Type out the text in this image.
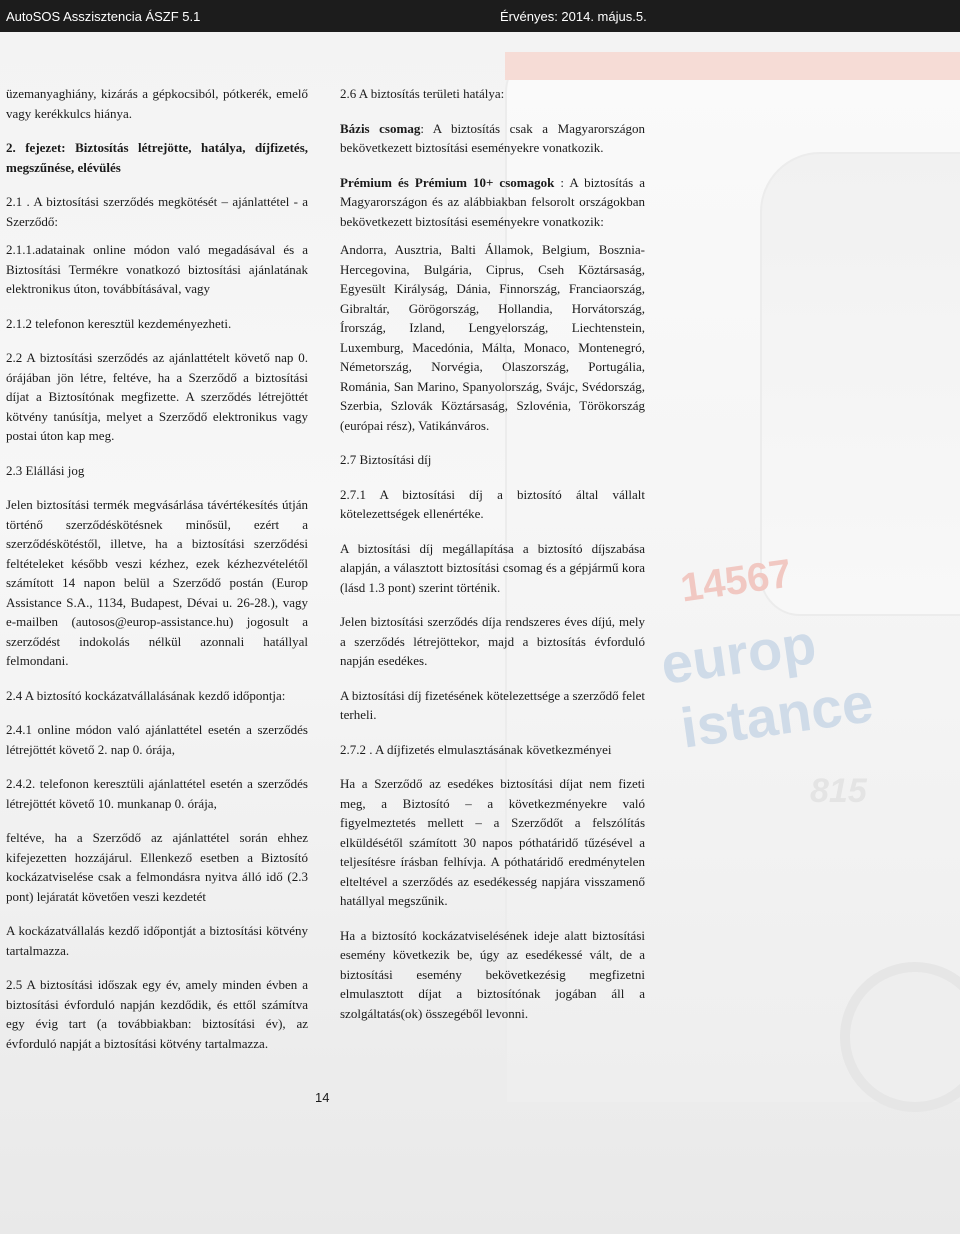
AutoSOS Asszisztencia ÁSZF 5.1	Érvényes: 2014. május.5.
14567
europ
istance
815

üzemanyaghiány, kizárás a gépkocsiból, pótkerék, emelő vagy kerékkulcs hiánya.

2. fejezet: Biztosítás létrejötte, hatálya, díjfizetés, megszűnése, elévülés

2.1 . A biztosítási szerződés megkötését – ajánlattétel - a Szerződő:

2.1.1.adatainak online módon való megadásával és a Biztosítási Termékre vonatkozó biztosítási ajánlatának elektronikus úton, továbbításával, vagy

2.1.2 telefonon keresztül kezdeményezheti.

2.2 A biztosítási szerződés az ajánlattételt követő nap 0. órájában jön létre, feltéve, ha a Szerződő a biztosítási díjat a Biztosítónak megfizette. A szerződés létrejöttét kötvény tanúsítja, melyet a Szerződő elektronikus vagy postai úton kap meg.

2.3 Elállási jog

Jelen biztosítási termék megvásárlása távértékesítés útján történő szerződéskötésnek minősül, ezért a szerződéskötéstől, illetve, ha a biztosítási szerződési feltételeket később veszi kézhez, ezek kézhezvételétől számított 14 napon belül a Szerződő postán (Europ Assistance S.A., 1134, Budapest, Dévai u. 26-28.), vagy e-mailben (autosos@europ-assistance.hu) jogosult a szerződést indokolás nélkül azonnali hatállyal felmondani.

2.4 A biztosító kockázatvállalásának kezdő időpontja:

2.4.1 online módon való ajánlattétel esetén a szerződés létrejöttét követő 2. nap 0. órája,

2.4.2. telefonon keresztüli ajánlattétel esetén a szerződés létrejöttét követő 10. munkanap 0. órája,

feltéve, ha a Szerződő az ajánlattétel során ehhez kifejezetten hozzájárul. Ellenkező esetben a Biztosító kockázatviselése csak a felmondásra nyitva álló idő (2.3 pont) lejáratát követően veszi kezdetét

A kockázatvállalás kezdő időpontját a biztosítási kötvény tartalmazza.

2.5 A biztosítási időszak egy év, amely minden évben a biztosítási évforduló napján kezdődik, és ettől számítva egy évig tart (a továbbiakban: biztosítási év), az évforduló napját a biztosítási kötvény tartalmazza.

2.6 A biztosítás területi hatálya:

Bázis csomag: A biztosítás csak a Magyarországon bekövetkezett biztosítási eseményekre vonatkozik.

Prémium és Prémium 10+ csomagok : A biztosítás a Magyarországon és az alábbiakban felsorolt országokban bekövetkezett biztosítási eseményekre vonatkozik:

Andorra, Ausztria, Balti Államok, Belgium, Bosznia-Hercegovina, Bulgária, Ciprus, Cseh Köztársaság, Egyesült Királyság, Dánia, Finnország, Franciaország, Gibraltár, Görögország, Hollandia, Horvátország, Írország, Izland, Lengyelország, Liechtenstein, Luxemburg, Macedónia, Málta, Monaco, Montenegró, Németország, Norvégia, Olaszország, Portugália, Románia, San Marino, Spanyolország, Svájc, Svédország, Szerbia, Szlovák Köztársaság, Szlovénia, Törökország (európai rész), Vatikánváros.

2.7 Biztosítási díj

2.7.1 A biztosítási díj a biztosító által vállalt kötelezettségek ellenértéke.

A biztosítási díj megállapítása a biztosító díjszabása alapján, a választott biztosítási csomag és a gépjármű kora (lásd 1.3 pont) szerint történik.

Jelen biztosítási szerződés díja rendszeres éves díjú, mely a szerződés létrejöttekor, majd a biztosítás évforduló napján esedékes.

A biztosítási díj fizetésének kötelezettsége a szerződő felet terheli.

2.7.2 . A díjfizetés elmulasztásának következményei

Ha a Szerződő az esedékes biztosítási díjat nem fizeti meg, a Biztosító – a következményekre való figyelmeztetés mellett – a Szerződőt a felszólítás elküldésétől számított 30 napos póthatáridő tűzésével a teljesítésre írásban felhívja. A póthatáridő eredménytelen elteltével a szerződés az esedékesség napjára visszamenő hatállyal megszűnik.

Ha a biztosító kockázatviselésének ideje alatt biztosítási esemény következik be, úgy az esedékessé vált, de a biztosítási esemény bekövetkezésig megfizetni elmulasztott díjat a biztosítónak jogában áll a szolgáltatás(ok) összegéből levonni.

14
